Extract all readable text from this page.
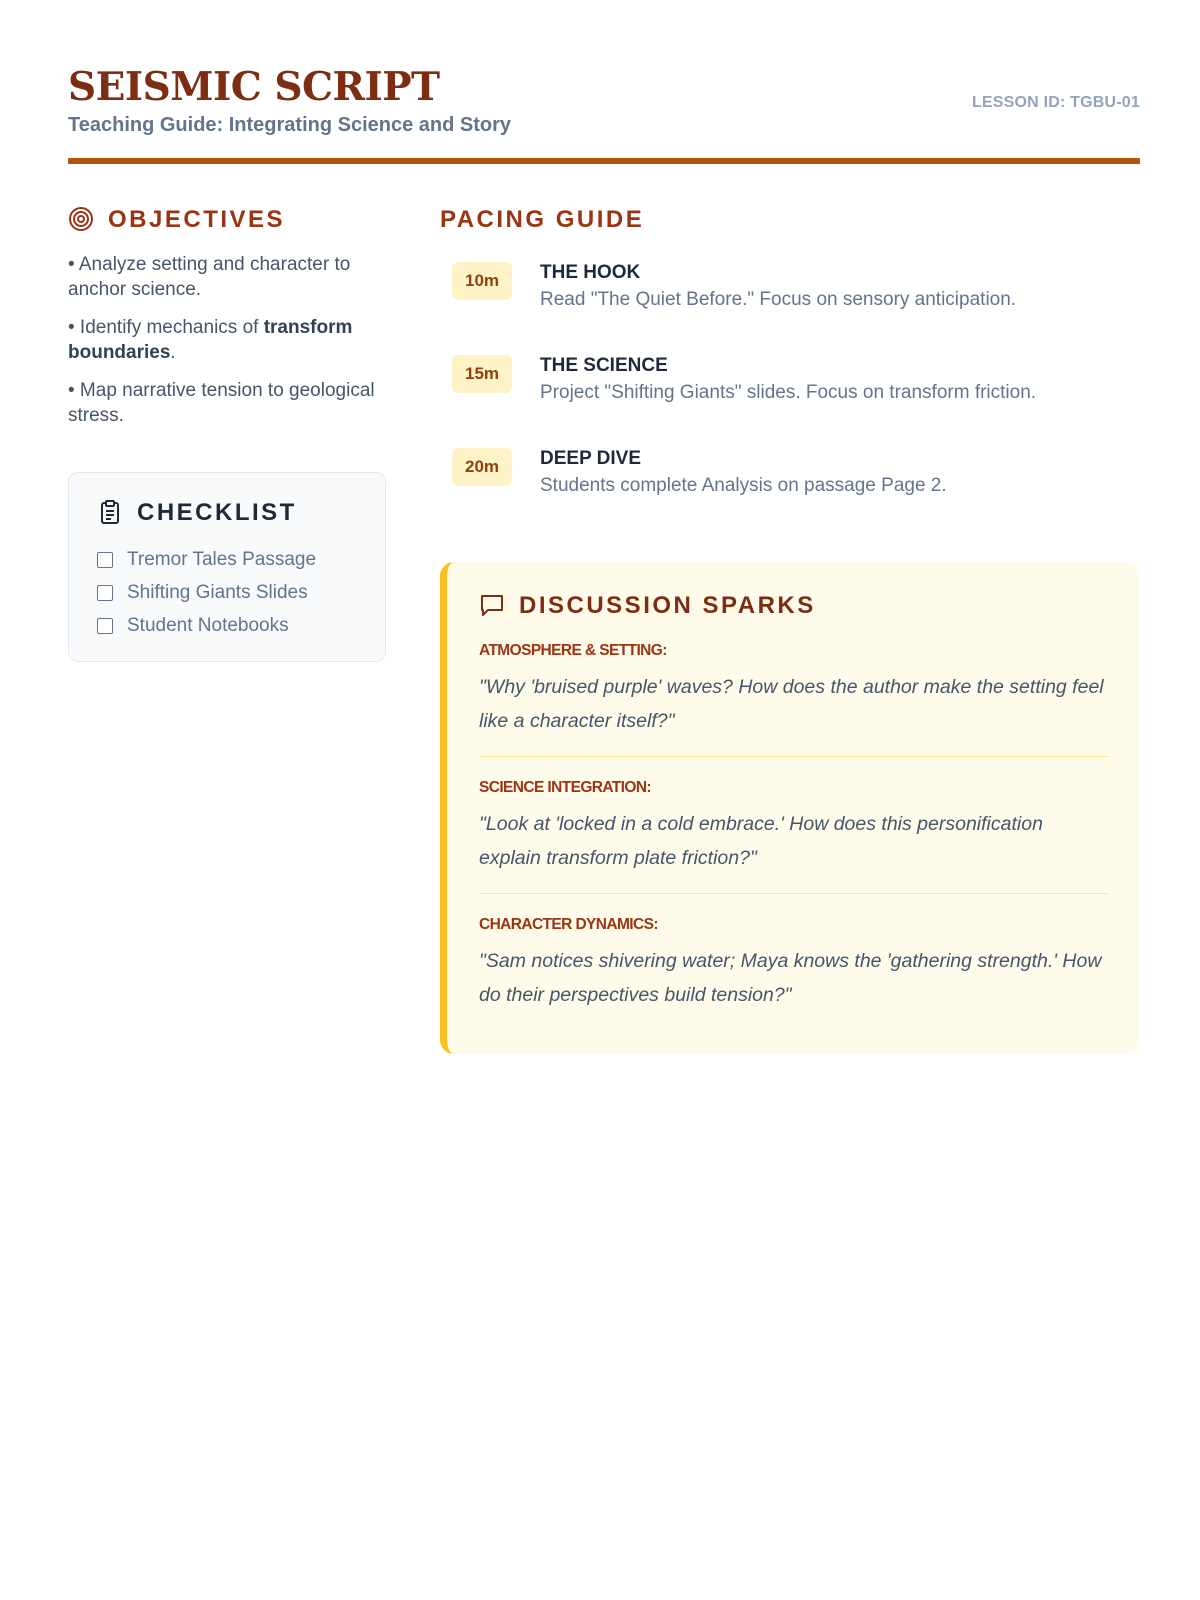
SEISMIC SCRIPT
Teaching Guide: Integrating Science and Story
LESSON ID: TGBU-01
OBJECTIVES
• Analyze setting and character to anchor science.
• Identify mechanics of transform boundaries.
• Map narrative tension to geological stress.
CHECKLIST
Tremor Tales Passage
Shifting Giants Slides
Student Notebooks
PACING GUIDE
10m	THE HOOK
Read "The Quiet Before." Focus on sensory anticipation.
15m	THE SCIENCE
Project "Shifting Giants" slides. Focus on transform friction.
20m	DEEP DIVE
Students complete Analysis on passage Page 2.
DISCUSSION SPARKS
ATMOSPHERE & SETTING:
"Why 'bruised purple' waves? How does the author make the setting feel like a character itself?"
SCIENCE INTEGRATION:
"Look at 'locked in a cold embrace.' How does this personification explain transform plate friction?"
CHARACTER DYNAMICS:
"Sam notices shivering water; Maya knows the 'gathering strength.' How do their perspectives build tension?"
